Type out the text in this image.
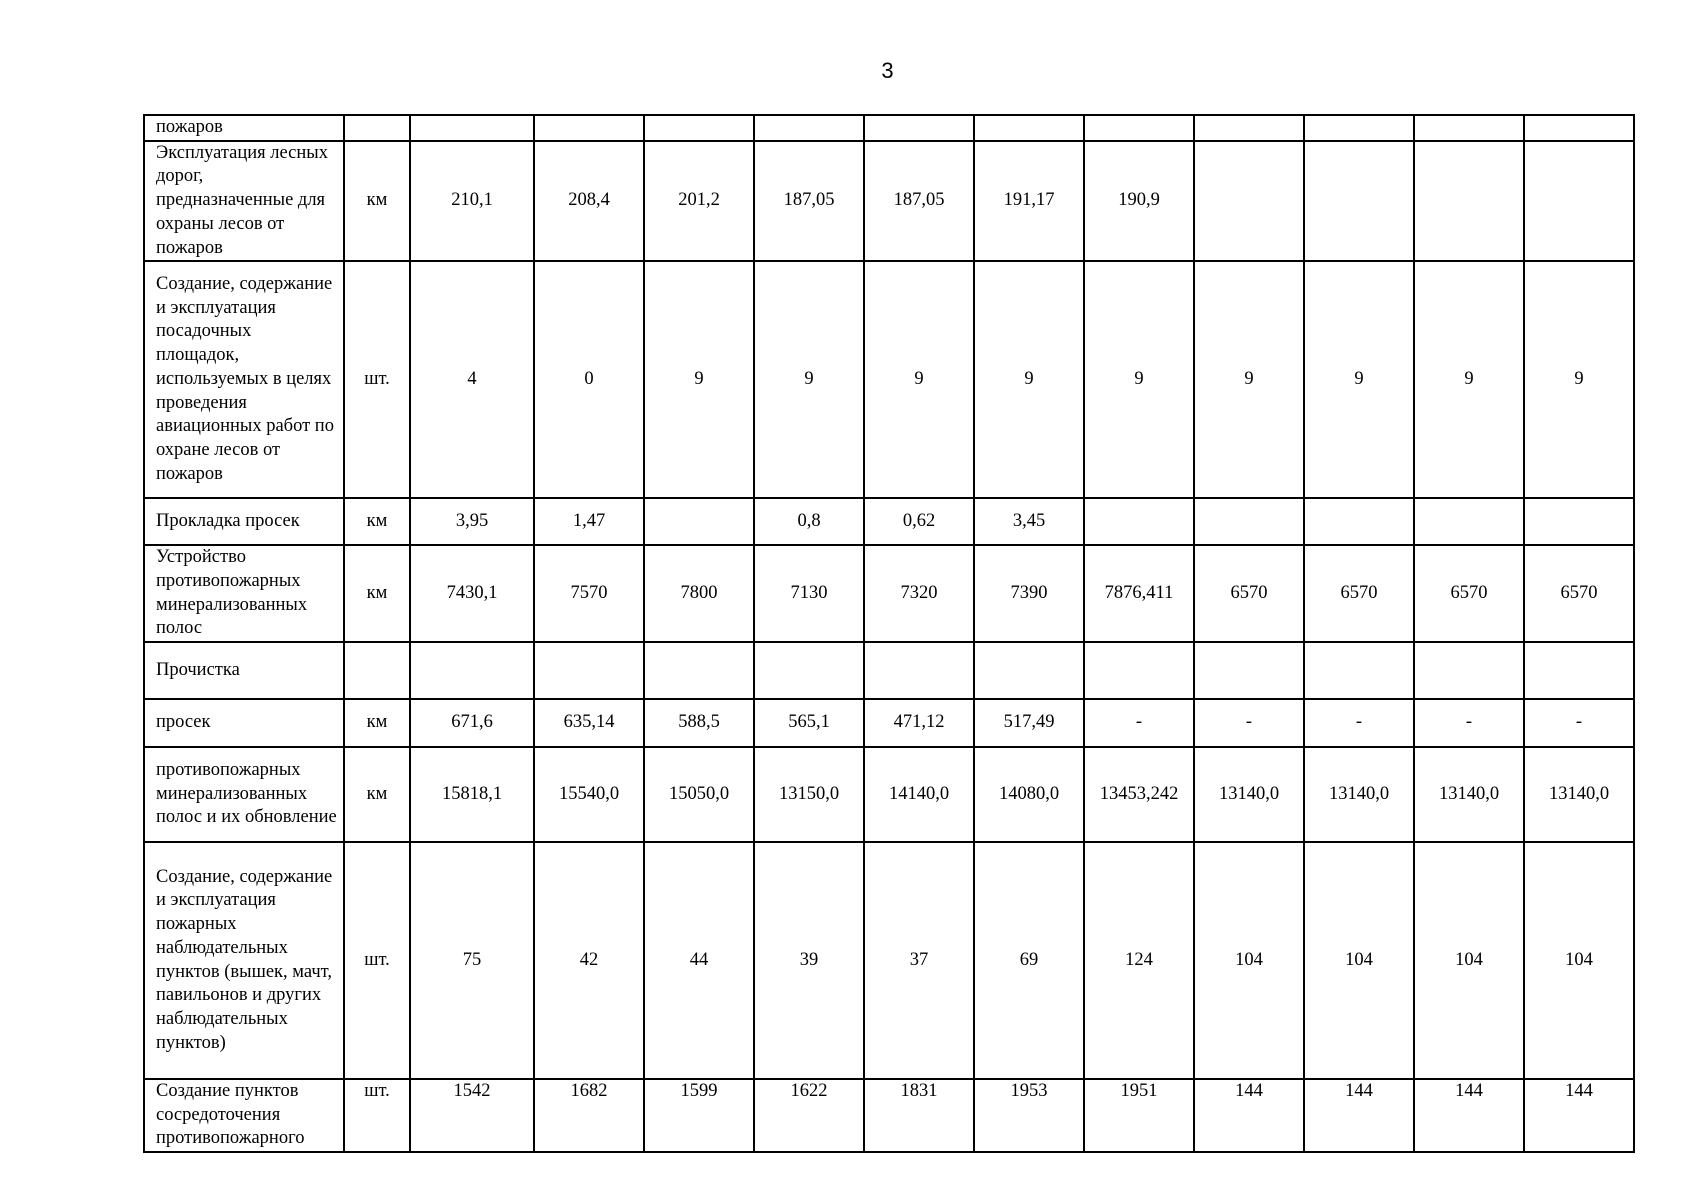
3
пожаров												
Эксплуатация лесных дорог, предназначенные для охраны лесов от пожаров	км	210,1	208,4	201,2	187,05	187,05	191,17	190,9				
Создание, содержание и эксплуатация посадочных площадок, используемых в целях проведения авиационных работ по охране лесов от пожаров	шт.	4	0	9	9	9	9	9	9	9	9	9
Прокладка просек	км	3,95	1,47		0,8	0,62	3,45					
Устройство противопожарных минерализованных полос	км	7430,1	7570	7800	7130	7320	7390	7876,411	6570	6570	6570	6570
Прочистка												
просек	км	671,6	635,14	588,5	565,1	471,12	517,49	-	-	-	-	-
противопожарных минерализованных полос и их обновление	км	15818,1	15540,0	15050,0	13150,0	14140,0	14080,0	13453,242	13140,0	13140,0	13140,0	13140,0
Создание, содержание и эксплуатация пожарных наблюдательных пунктов (вышек, мачт, павильонов и других наблюдательных пунктов)	шт.	75	42	44	39	37	69	124	104	104	104	104
Создание пунктов сосредоточения противопожарного	шт.	1542	1682	1599	1622	1831	1953	1951	144	144	144	144
